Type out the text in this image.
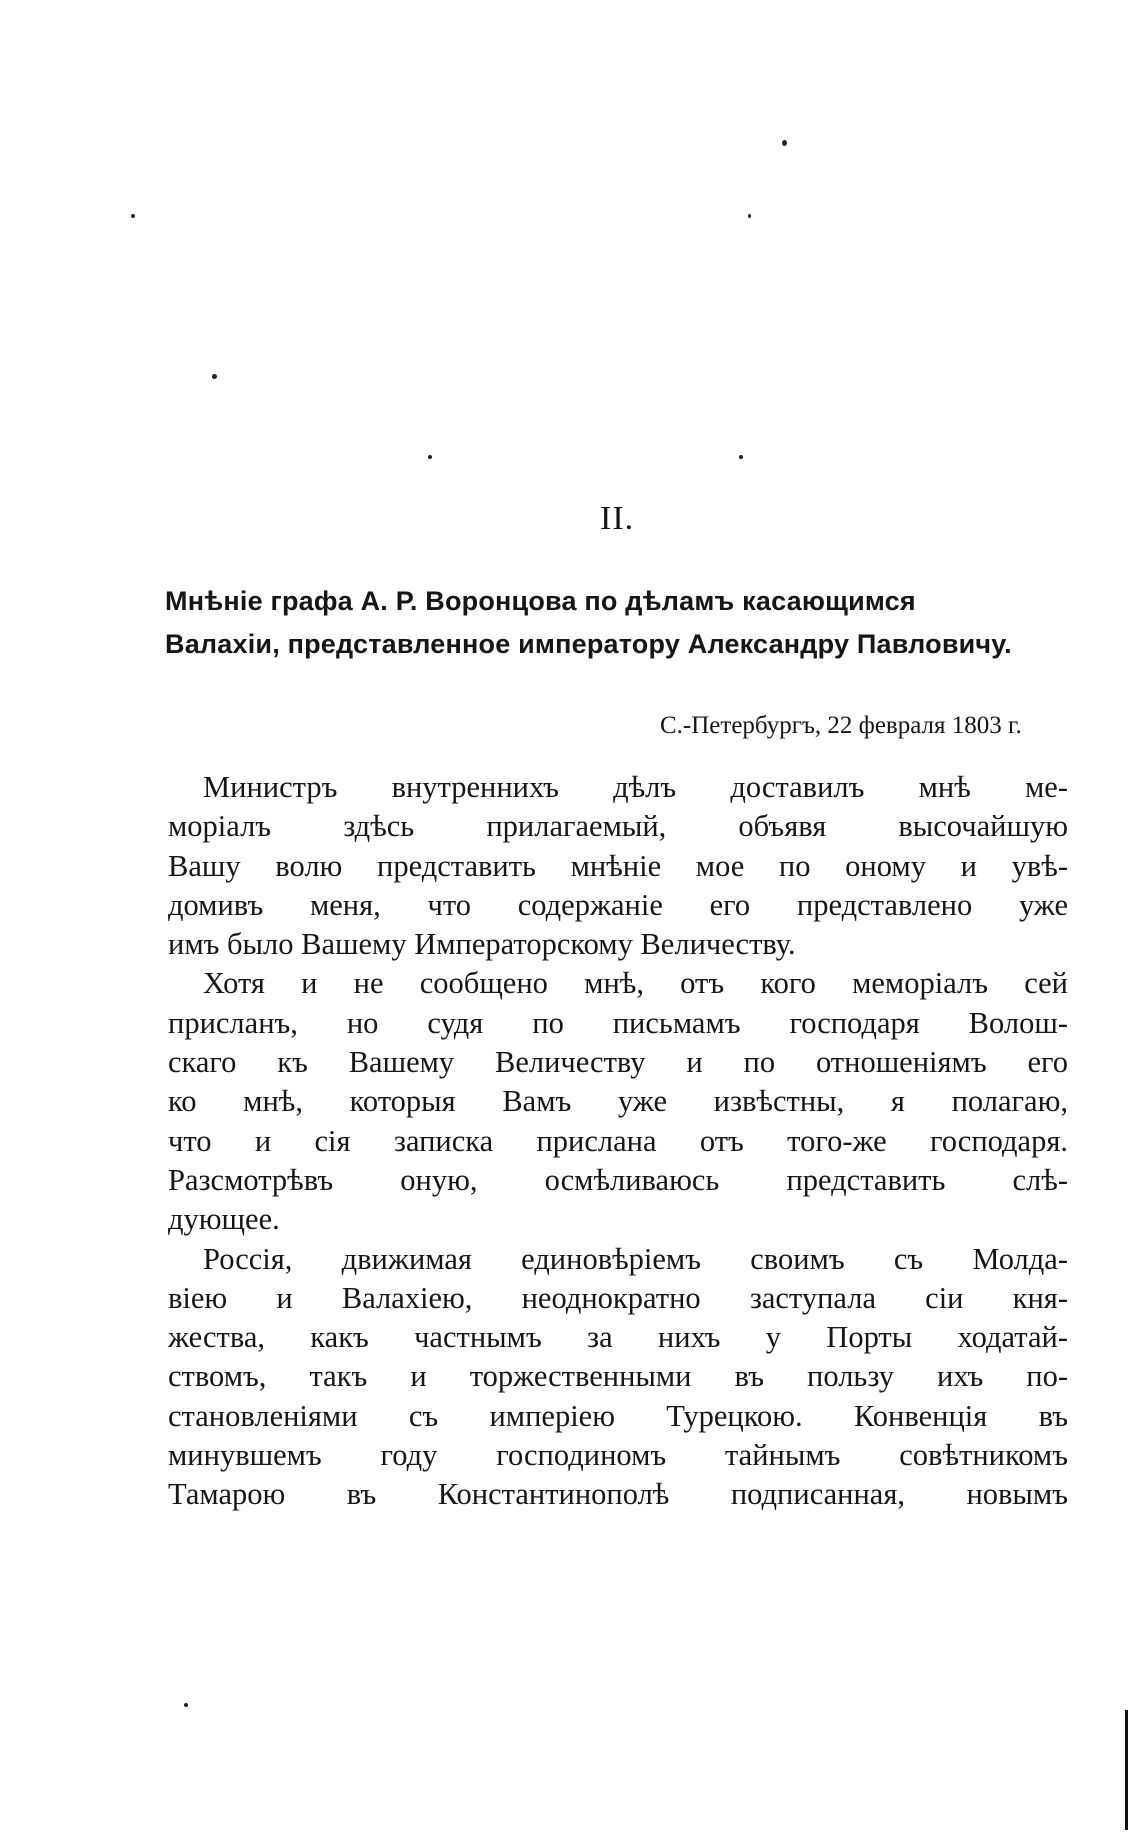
II.
Мнѣніе графа А. Р. Воронцова по дѣламъ касающимся
Валахіи, представленное императору Александру Павловичу.
С.-Петербургъ, 22 февраля 1803 г.
Министръ внутреннихъ дѣлъ доставилъ мнѣ ме-
моріалъ здѣсь прилагаемый, объявя высочайшую
Вашу волю представить мнѣніе мое по оному и увѣ-
домивъ меня, что содержаніе его представлено уже
имъ было Вашему Императорскому Величеству.
Хотя и не сообщено мнѣ, отъ кого меморіалъ сей
присланъ, но судя по письмамъ господаря Волош-
скаго къ Вашему Величеству и по отношеніямъ его
ко мнѣ, которыя Вамъ уже извѣстны, я полагаю,
что и сія записка прислана отъ того-же господаря.
Разсмотрѣвъ оную, осмѣливаюсь представить слѣ-
дующее.
Россія, движимая единовѣріемъ своимъ съ Молда-
віею и Валахіею, неоднократно заступала сіи кня-
жества, какъ частнымъ за нихъ у Порты ходатай-
ствомъ, такъ и торжественными въ пользу ихъ по-
становленіями съ имперіею Турецкою. Конвенція въ
минувшемъ году господиномъ тайнымъ совѣтникомъ
Тамарою въ Константинополѣ подписанная, новымъ
